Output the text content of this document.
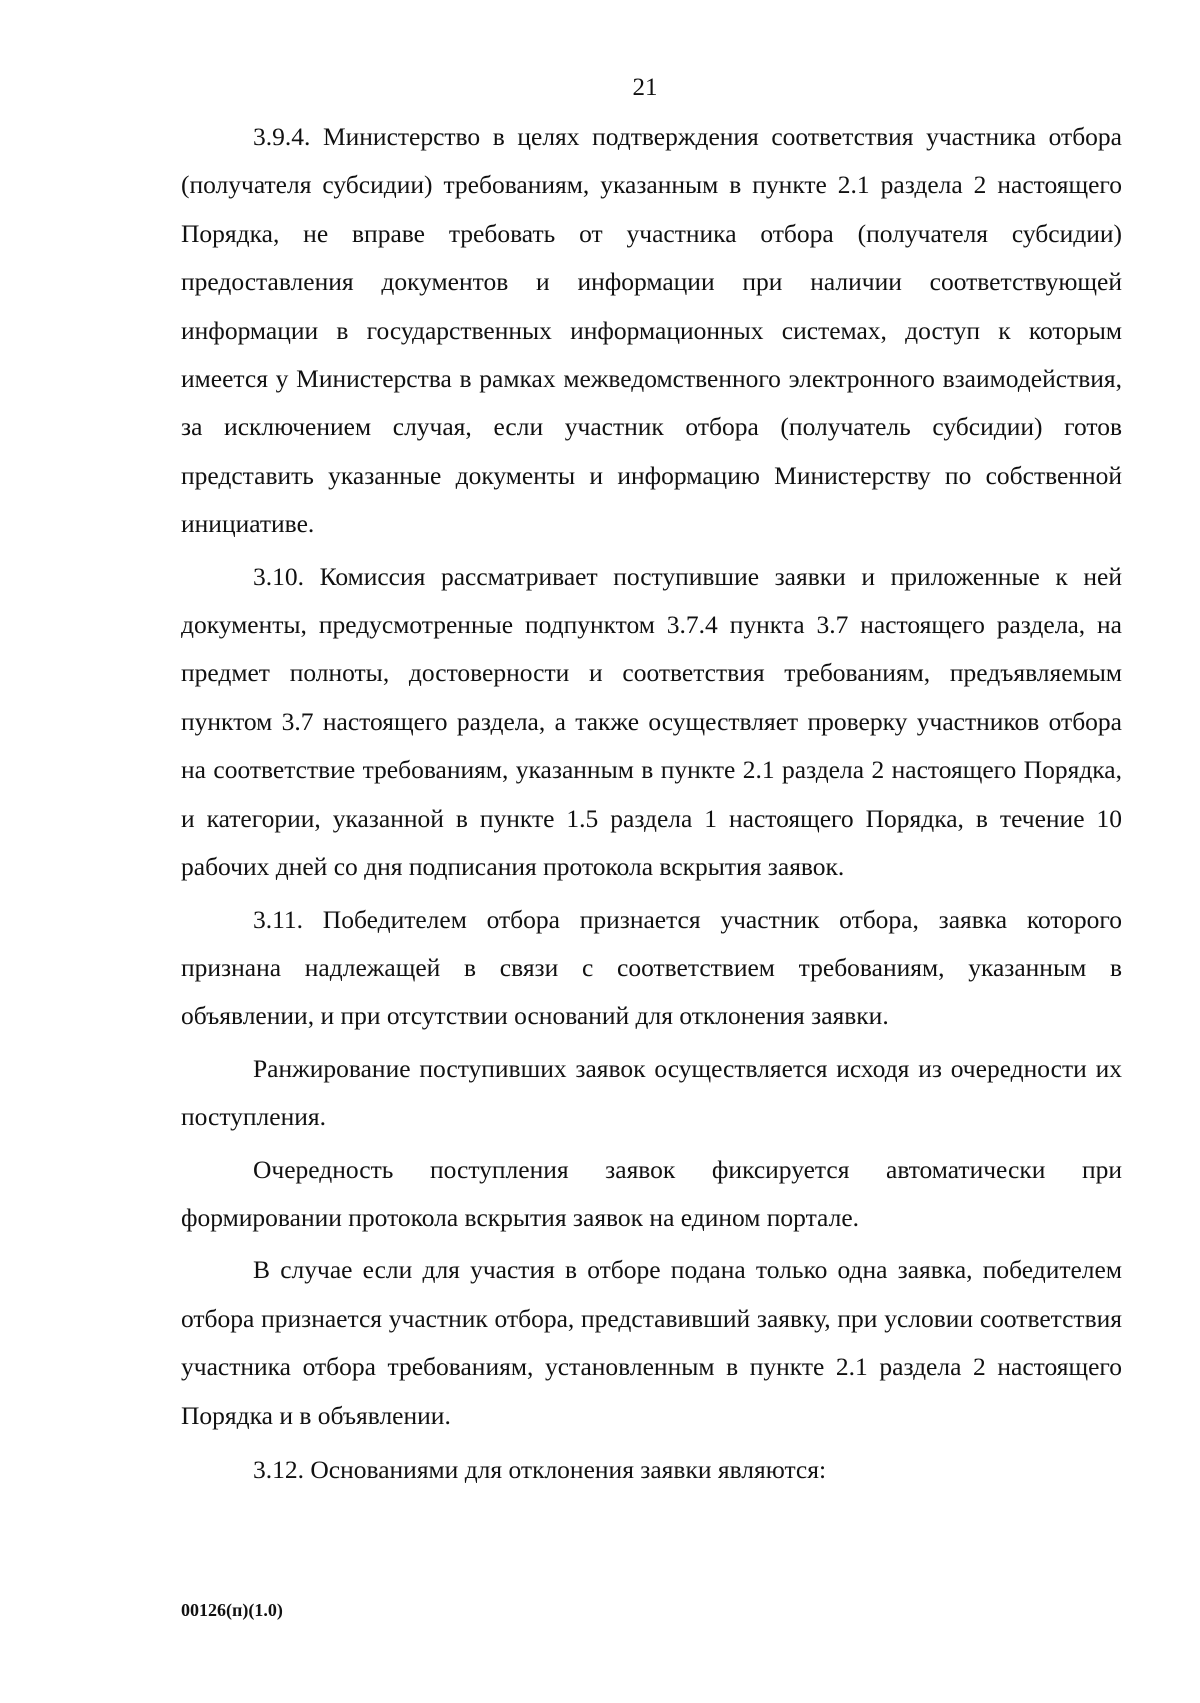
21

3.9.4. Министерство в целях подтверждения соответствия участника отбора (получателя субсидии) требованиям, указанным в пункте 2.1 раздела 2 настоящего Порядка, не вправе требовать от участника отбора (получателя субсидии) предоставления документов и информации при наличии соответствующей информации в государственных информационных системах, доступ к которым имеется у Министерства в рамках межведомственного электронного взаимодействия, за исключением случая, если участник отбора (получатель субсидии) готов представить указанные документы и информацию Министерству по собственной инициативе.

3.10. Комиссия рассматривает поступившие заявки и приложенные к ней документы, предусмотренные подпунктом 3.7.4 пункта 3.7 настоящего раздела, на предмет полноты, достоверности и соответствия требованиям, предъявляемым пунктом 3.7 настоящего раздела, а также осуществляет проверку участников отбора на соответствие требованиям, указанным в пункте 2.1 раздела 2 настоящего Порядка, и категории, указанной в пункте 1.5 раздела 1 настоящего Порядка, в течение 10 рабочих дней со дня подписания протокола вскрытия заявок.

3.11. Победителем отбора признается участник отбора, заявка которого признана надлежащей в связи с соответствием требованиям, указанным в объявлении, и при отсутствии оснований для отклонения заявки.

Ранжирование поступивших заявок осуществляется исходя из очередности их поступления.

Очередность поступления заявок фиксируется автоматически при формировании протокола вскрытия заявок на едином портале.

В случае если для участия в отборе подана только одна заявка, победителем отбора признается участник отбора, представивший заявку, при условии соответствия участника отбора требованиям, установленным в пункте 2.1 раздела 2 настоящего Порядка и в объявлении.

3.12. Основаниями для отклонения заявки являются:

00126(п)(1.0)
